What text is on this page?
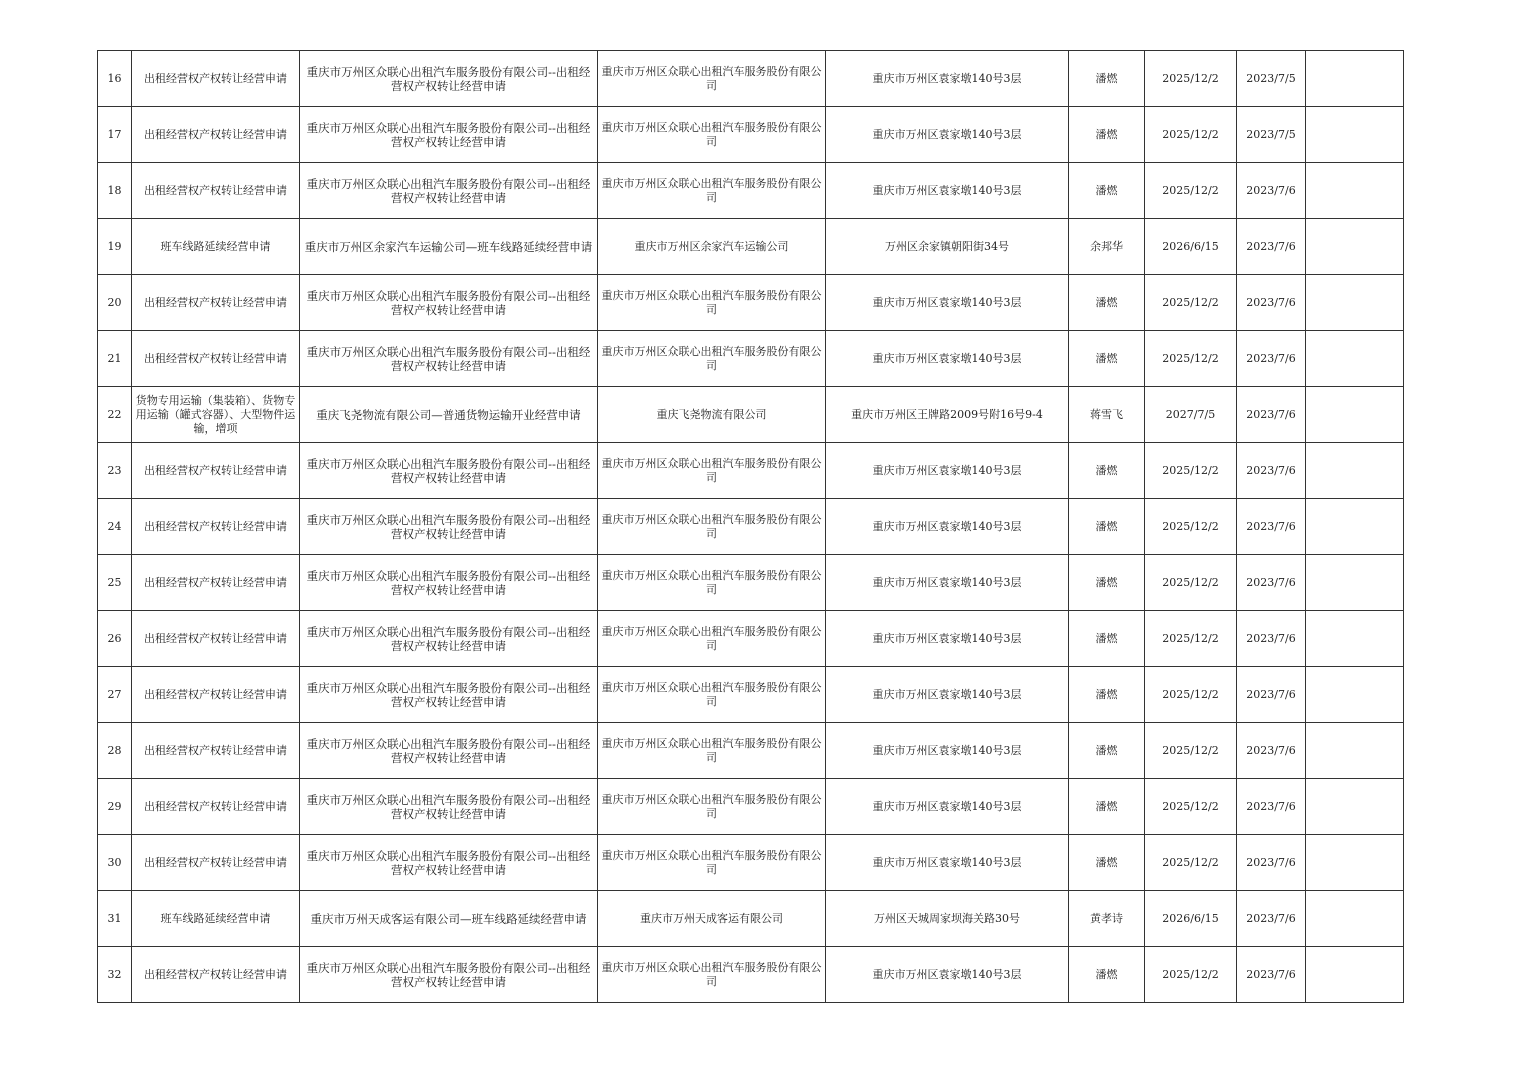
16	出租经营权产权转让经营申请	重庆市万州区众联心出租汽车服务股份有限公司--出租经营权产权转让经营申请	重庆市万州区众联心出租汽车服务股份有限公司	重庆市万州区袁家墩140号3层	潘燃	2025/12/2	2023/7/5	
17	出租经营权产权转让经营申请	重庆市万州区众联心出租汽车服务股份有限公司--出租经营权产权转让经营申请	重庆市万州区众联心出租汽车服务股份有限公司	重庆市万州区袁家墩140号3层	潘燃	2025/12/2	2023/7/5	
18	出租经营权产权转让经营申请	重庆市万州区众联心出租汽车服务股份有限公司--出租经营权产权转让经营申请	重庆市万州区众联心出租汽车服务股份有限公司	重庆市万州区袁家墩140号3层	潘燃	2025/12/2	2023/7/6	
19	班车线路延续经营申请	重庆市万州区余家汽车运输公司—班车线路延续经营申请	重庆市万州区余家汽车运输公司	万州区余家镇朝阳街34号	余邦华	2026/6/15	2023/7/6	
20	出租经营权产权转让经营申请	重庆市万州区众联心出租汽车服务股份有限公司--出租经营权产权转让经营申请	重庆市万州区众联心出租汽车服务股份有限公司	重庆市万州区袁家墩140号3层	潘燃	2025/12/2	2023/7/6	
21	出租经营权产权转让经营申请	重庆市万州区众联心出租汽车服务股份有限公司--出租经营权产权转让经营申请	重庆市万州区众联心出租汽车服务股份有限公司	重庆市万州区袁家墩140号3层	潘燃	2025/12/2	2023/7/6	
22	货物专用运输（集装箱）、货物专用运输（罐式容器）、大型物件运输，增项	重庆飞尧物流有限公司—普通货物运输开业经营申请	重庆飞尧物流有限公司	重庆市万州区王牌路2009号附16号9-4	蒋雪飞	2027/7/5	2023/7/6	
23	出租经营权产权转让经营申请	重庆市万州区众联心出租汽车服务股份有限公司--出租经营权产权转让经营申请	重庆市万州区众联心出租汽车服务股份有限公司	重庆市万州区袁家墩140号3层	潘燃	2025/12/2	2023/7/6	
24	出租经营权产权转让经营申请	重庆市万州区众联心出租汽车服务股份有限公司--出租经营权产权转让经营申请	重庆市万州区众联心出租汽车服务股份有限公司	重庆市万州区袁家墩140号3层	潘燃	2025/12/2	2023/7/6	
25	出租经营权产权转让经营申请	重庆市万州区众联心出租汽车服务股份有限公司--出租经营权产权转让经营申请	重庆市万州区众联心出租汽车服务股份有限公司	重庆市万州区袁家墩140号3层	潘燃	2025/12/2	2023/7/6	
26	出租经营权产权转让经营申请	重庆市万州区众联心出租汽车服务股份有限公司--出租经营权产权转让经营申请	重庆市万州区众联心出租汽车服务股份有限公司	重庆市万州区袁家墩140号3层	潘燃	2025/12/2	2023/7/6	
27	出租经营权产权转让经营申请	重庆市万州区众联心出租汽车服务股份有限公司--出租经营权产权转让经营申请	重庆市万州区众联心出租汽车服务股份有限公司	重庆市万州区袁家墩140号3层	潘燃	2025/12/2	2023/7/6	
28	出租经营权产权转让经营申请	重庆市万州区众联心出租汽车服务股份有限公司--出租经营权产权转让经营申请	重庆市万州区众联心出租汽车服务股份有限公司	重庆市万州区袁家墩140号3层	潘燃	2025/12/2	2023/7/6	
29	出租经营权产权转让经营申请	重庆市万州区众联心出租汽车服务股份有限公司--出租经营权产权转让经营申请	重庆市万州区众联心出租汽车服务股份有限公司	重庆市万州区袁家墩140号3层	潘燃	2025/12/2	2023/7/6	
30	出租经营权产权转让经营申请	重庆市万州区众联心出租汽车服务股份有限公司--出租经营权产权转让经营申请	重庆市万州区众联心出租汽车服务股份有限公司	重庆市万州区袁家墩140号3层	潘燃	2025/12/2	2023/7/6	
31	班车线路延续经营申请	重庆市万州天成客运有限公司—班车线路延续经营申请	重庆市万州天成客运有限公司	万州区天城周家坝海关路30号	黄孝诗	2026/6/15	2023/7/6	
32	出租经营权产权转让经营申请	重庆市万州区众联心出租汽车服务股份有限公司--出租经营权产权转让经营申请	重庆市万州区众联心出租汽车服务股份有限公司	重庆市万州区袁家墩140号3层	潘燃	2025/12/2	2023/7/6	
